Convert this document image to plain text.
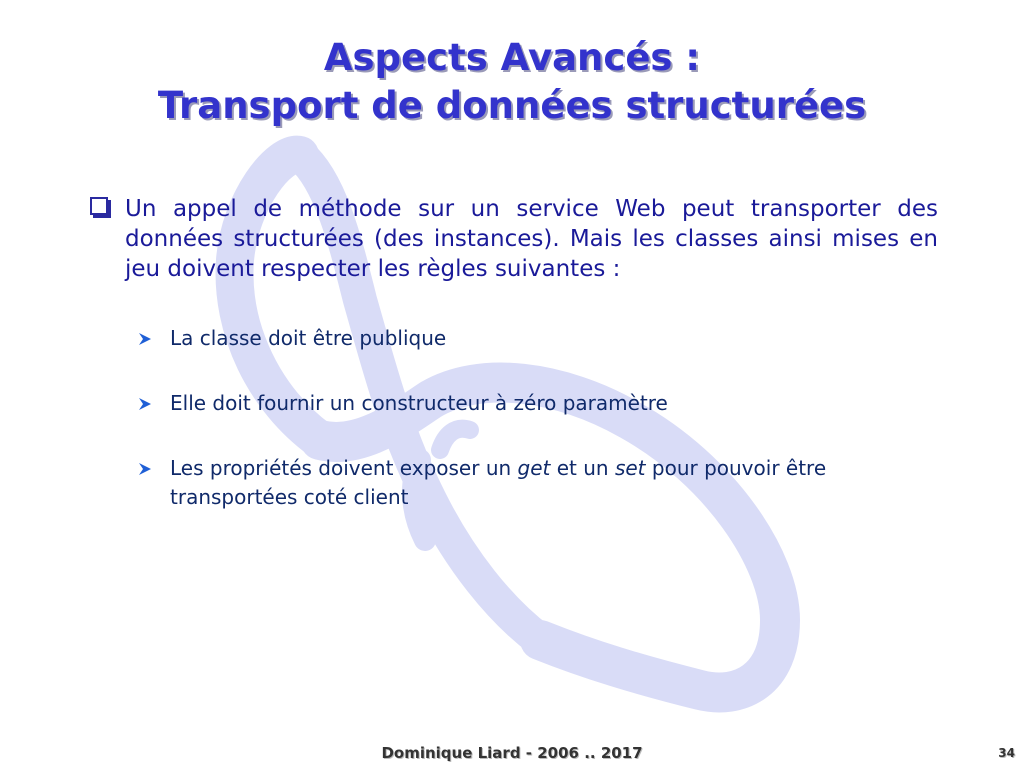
Aspects Avancés :
Transport de données structurées
Un appel de méthode sur un service Web peut transporter des données structurées (des instances). Mais les classes ainsi mises en jeu doivent respecter les règles suivantes :
La classe doit être publique
Elle doit fournir un constructeur à zéro paramètre
Les propriétés doivent exposer un get et un set pour pouvoir être transportées coté client
Dominique Liard - 2006 .. 2017	34
